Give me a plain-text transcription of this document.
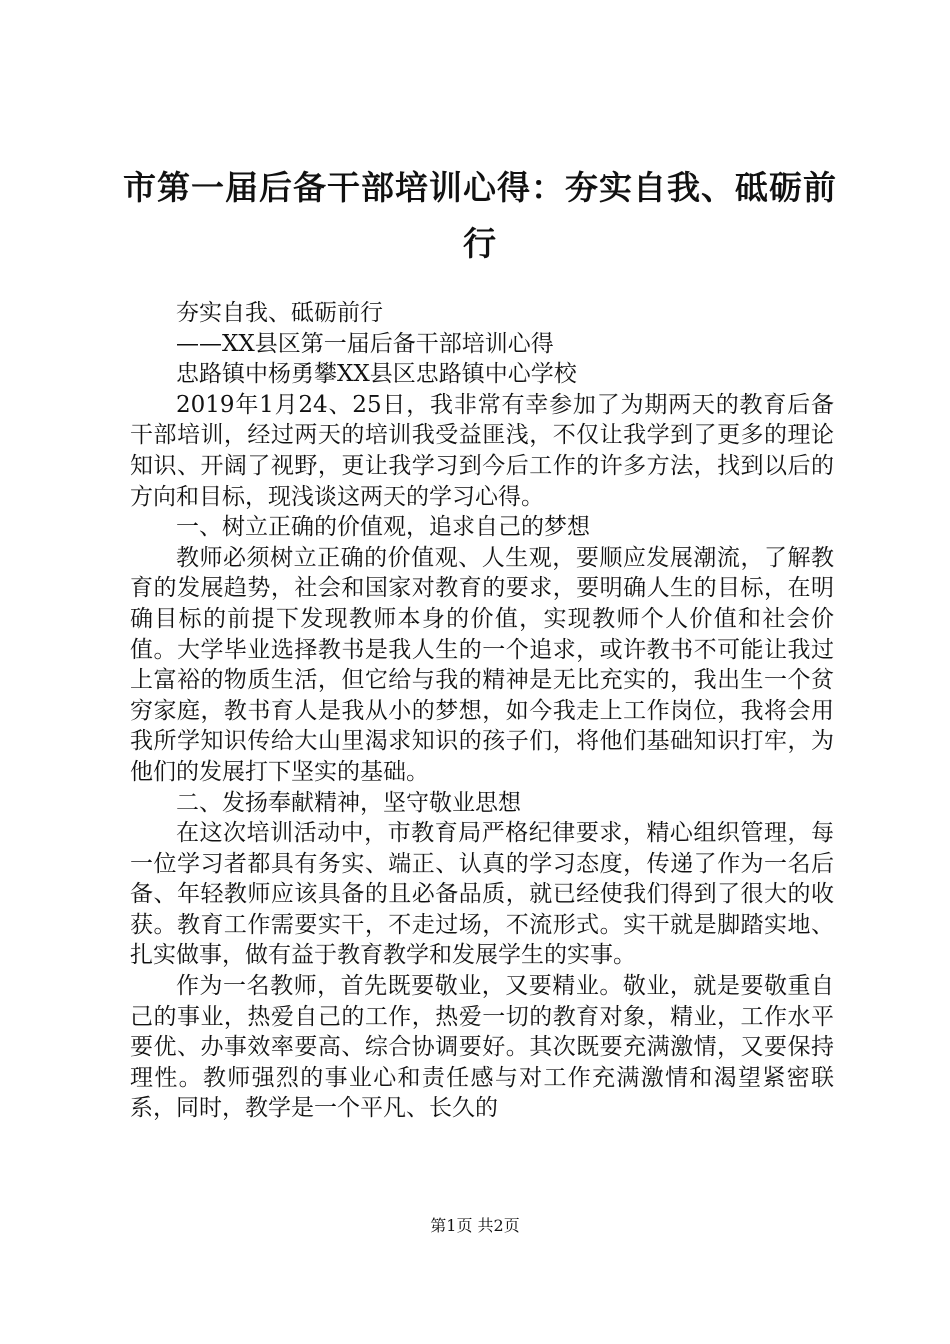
市第一届后备干部培训心得：夯实自我、砥砺前行

夯实自我、砥砺前行

——XX县区第一届后备干部培训心得

忠路镇中杨勇攀XX县区忠路镇中心学校

2019年1月24、25日，我非常有幸参加了为期两天的教育后备干部培训，经过两天的培训我受益匪浅，不仅让我学到了更多的理论知识、开阔了视野，更让我学习到今后工作的许多方法，找到以后的方向和目标，现浅谈这两天的学习心得。

一、树立正确的价值观，追求自己的梦想

教师必须树立正确的价值观、人生观，要顺应发展潮流，了解教育的发展趋势，社会和国家对教育的要求，要明确人生的目标，在明确目标的前提下发现教师本身的价值，实现教师个人价值和社会价值。大学毕业选择教书是我人生的一个追求，或许教书不可能让我过上富裕的物质生活，但它给与我的精神是无比充实的，我出生一个贫穷家庭，教书育人是我从小的梦想，如今我走上工作岗位，我将会用我所学知识传给大山里渴求知识的孩子们，将他们基础知识打牢，为他们的发展打下坚实的基础。

二、发扬奉献精神，坚守敬业思想

在这次培训活动中，市教育局严格纪律要求，精心组织管理，每一位学习者都具有务实、端正、认真的学习态度，传递了作为一名后备、年轻教师应该具备的且必备品质，就已经使我们得到了很大的收获。教育工作需要实干，不走过场，不流形式。实干就是脚踏实地、扎实做事，做有益于教育教学和发展学生的实事。

作为一名教师，首先既要敬业，又要精业。敬业，就是要敬重自己的事业，热爱自己的工作，热爱一切的教育对象，精业，工作水平要优、办事效率要高、综合协调要好。其次既要充满激情，又要保持理性。教师强烈的事业心和责任感与对工作充满激情和渴望紧密联系，同时，教学是一个平凡、长久的

第1页 共2页
